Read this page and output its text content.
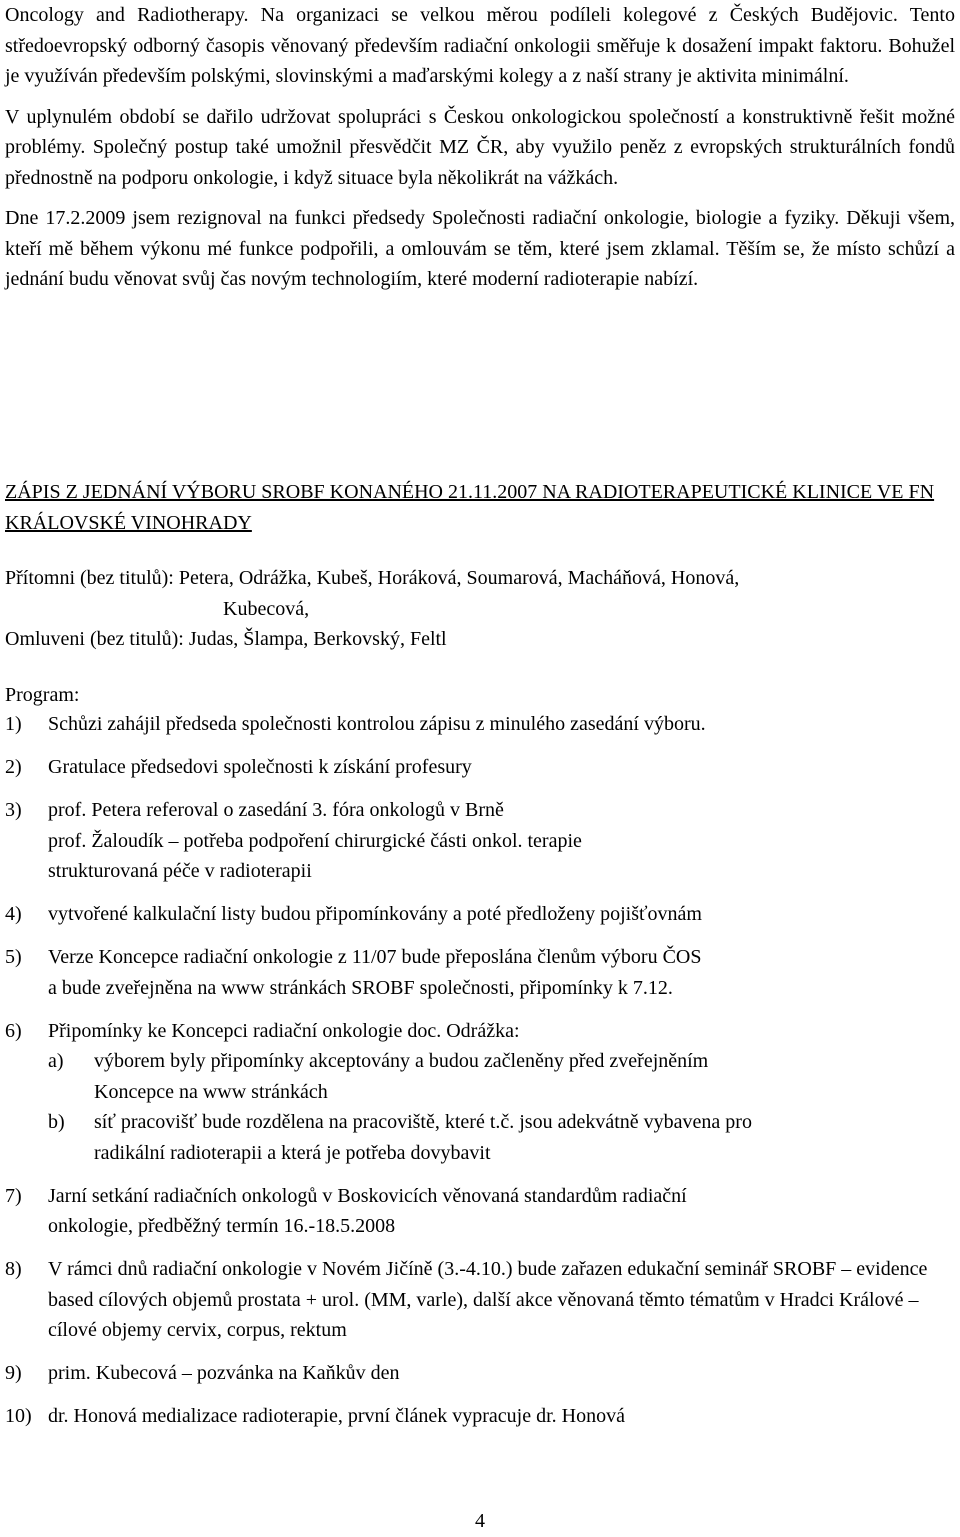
Oncology and Radiotherapy. Na organizaci se velkou měrou podíleli kolegové z Českých Budějovic. Tento středoevropský odborný časopis věnovaný především radiační onkologii směřuje k dosažení impakt faktoru. Bohužel je využíván především polskými, slovinskými a maďarskými kolegy a z naší strany je aktivita minimální.

V uplynulém období se dařilo udržovat spolupráci s Českou onkologickou společností a konstruktivně řešit možné problémy. Společný postup také umožnil přesvědčit MZ ČR, aby využilo peněz z evropských strukturálních fondů přednostně na podporu onkologie, i když situace byla několikrát na vážkách.

Dne 17.2.2009 jsem rezignoval na funkci předsedy Společnosti radiační onkologie, biologie a fyziky. Děkuji všem, kteří mě během výkonu mé funkce podpořili, a omlouvám se těm, které jsem zklamal. Těším se, že místo schůzí a jednání budu věnovat svůj čas novým technologiím, které moderní radioterapie nabízí.

ZÁPIS Z JEDNÁNÍ VÝBORU SROBF KONANÉHO 21.11.2007 NA RADIOTERAPEUTICKÉ KLINICE VE FN KRÁLOVSKÉ VINOHRADY
Přítomni (bez titulů): Petera, Odrážka, Kubeš, Horáková, Soumarová, Macháňová, Honová,
Kubecová,
Omluveni (bez titulů): Judas, Šlampa, Berkovský, Feltl
Program:
1) Schůzi zahájil předseda společnosti kontrolou zápisu z minulého zasedání výboru.
2) Gratulace předsedovi společnosti k získání profesury
3) prof. Petera referoval o zasedání 3. fóra onkologů v Brně
prof. Žaloudík – potřeba podpoření chirurgické části onkol. terapie
strukturovaná péče v radioterapii
4) vytvořené kalkulační listy budou připomínkovány a poté předloženy pojišťovnám
5) Verze Koncepce radiační onkologie z 11/07 bude přeposlána členům výboru ČOS
a bude zveřejněna na www stránkách SROBF společnosti, připomínky k 7.12.
6) Připomínky ke Koncepci radiační onkologie doc. Odrážka:
a) výborem byly připomínky akceptovány a budou začleněny před zveřejněním
Koncepce na www stránkách
b) síť pracovišť bude rozdělena na pracoviště, které t.č. jsou adekvátně vybavena pro
radikální radioterapii a která je potřeba dovybavit
7) Jarní setkání radiačních onkologů v Boskovicích věnovaná standardům radiační
onkologie, předběžný termín 16.-18.5.2008
8) V rámci dnů radiační onkologie v Novém Jičíně (3.-4.10.) bude zařazen edukační seminář SROBF – evidence based cílových objemů prostata + urol. (MM, varle), další akce věnovaná těmto tématům v Hradci Králové – cílové objemy cervix, corpus, rektum
9) prim. Kubecová – pozvánka na Kaňkův den
10) dr. Honová medializace radioterapie, první článek vypracuje dr. Honová
4
